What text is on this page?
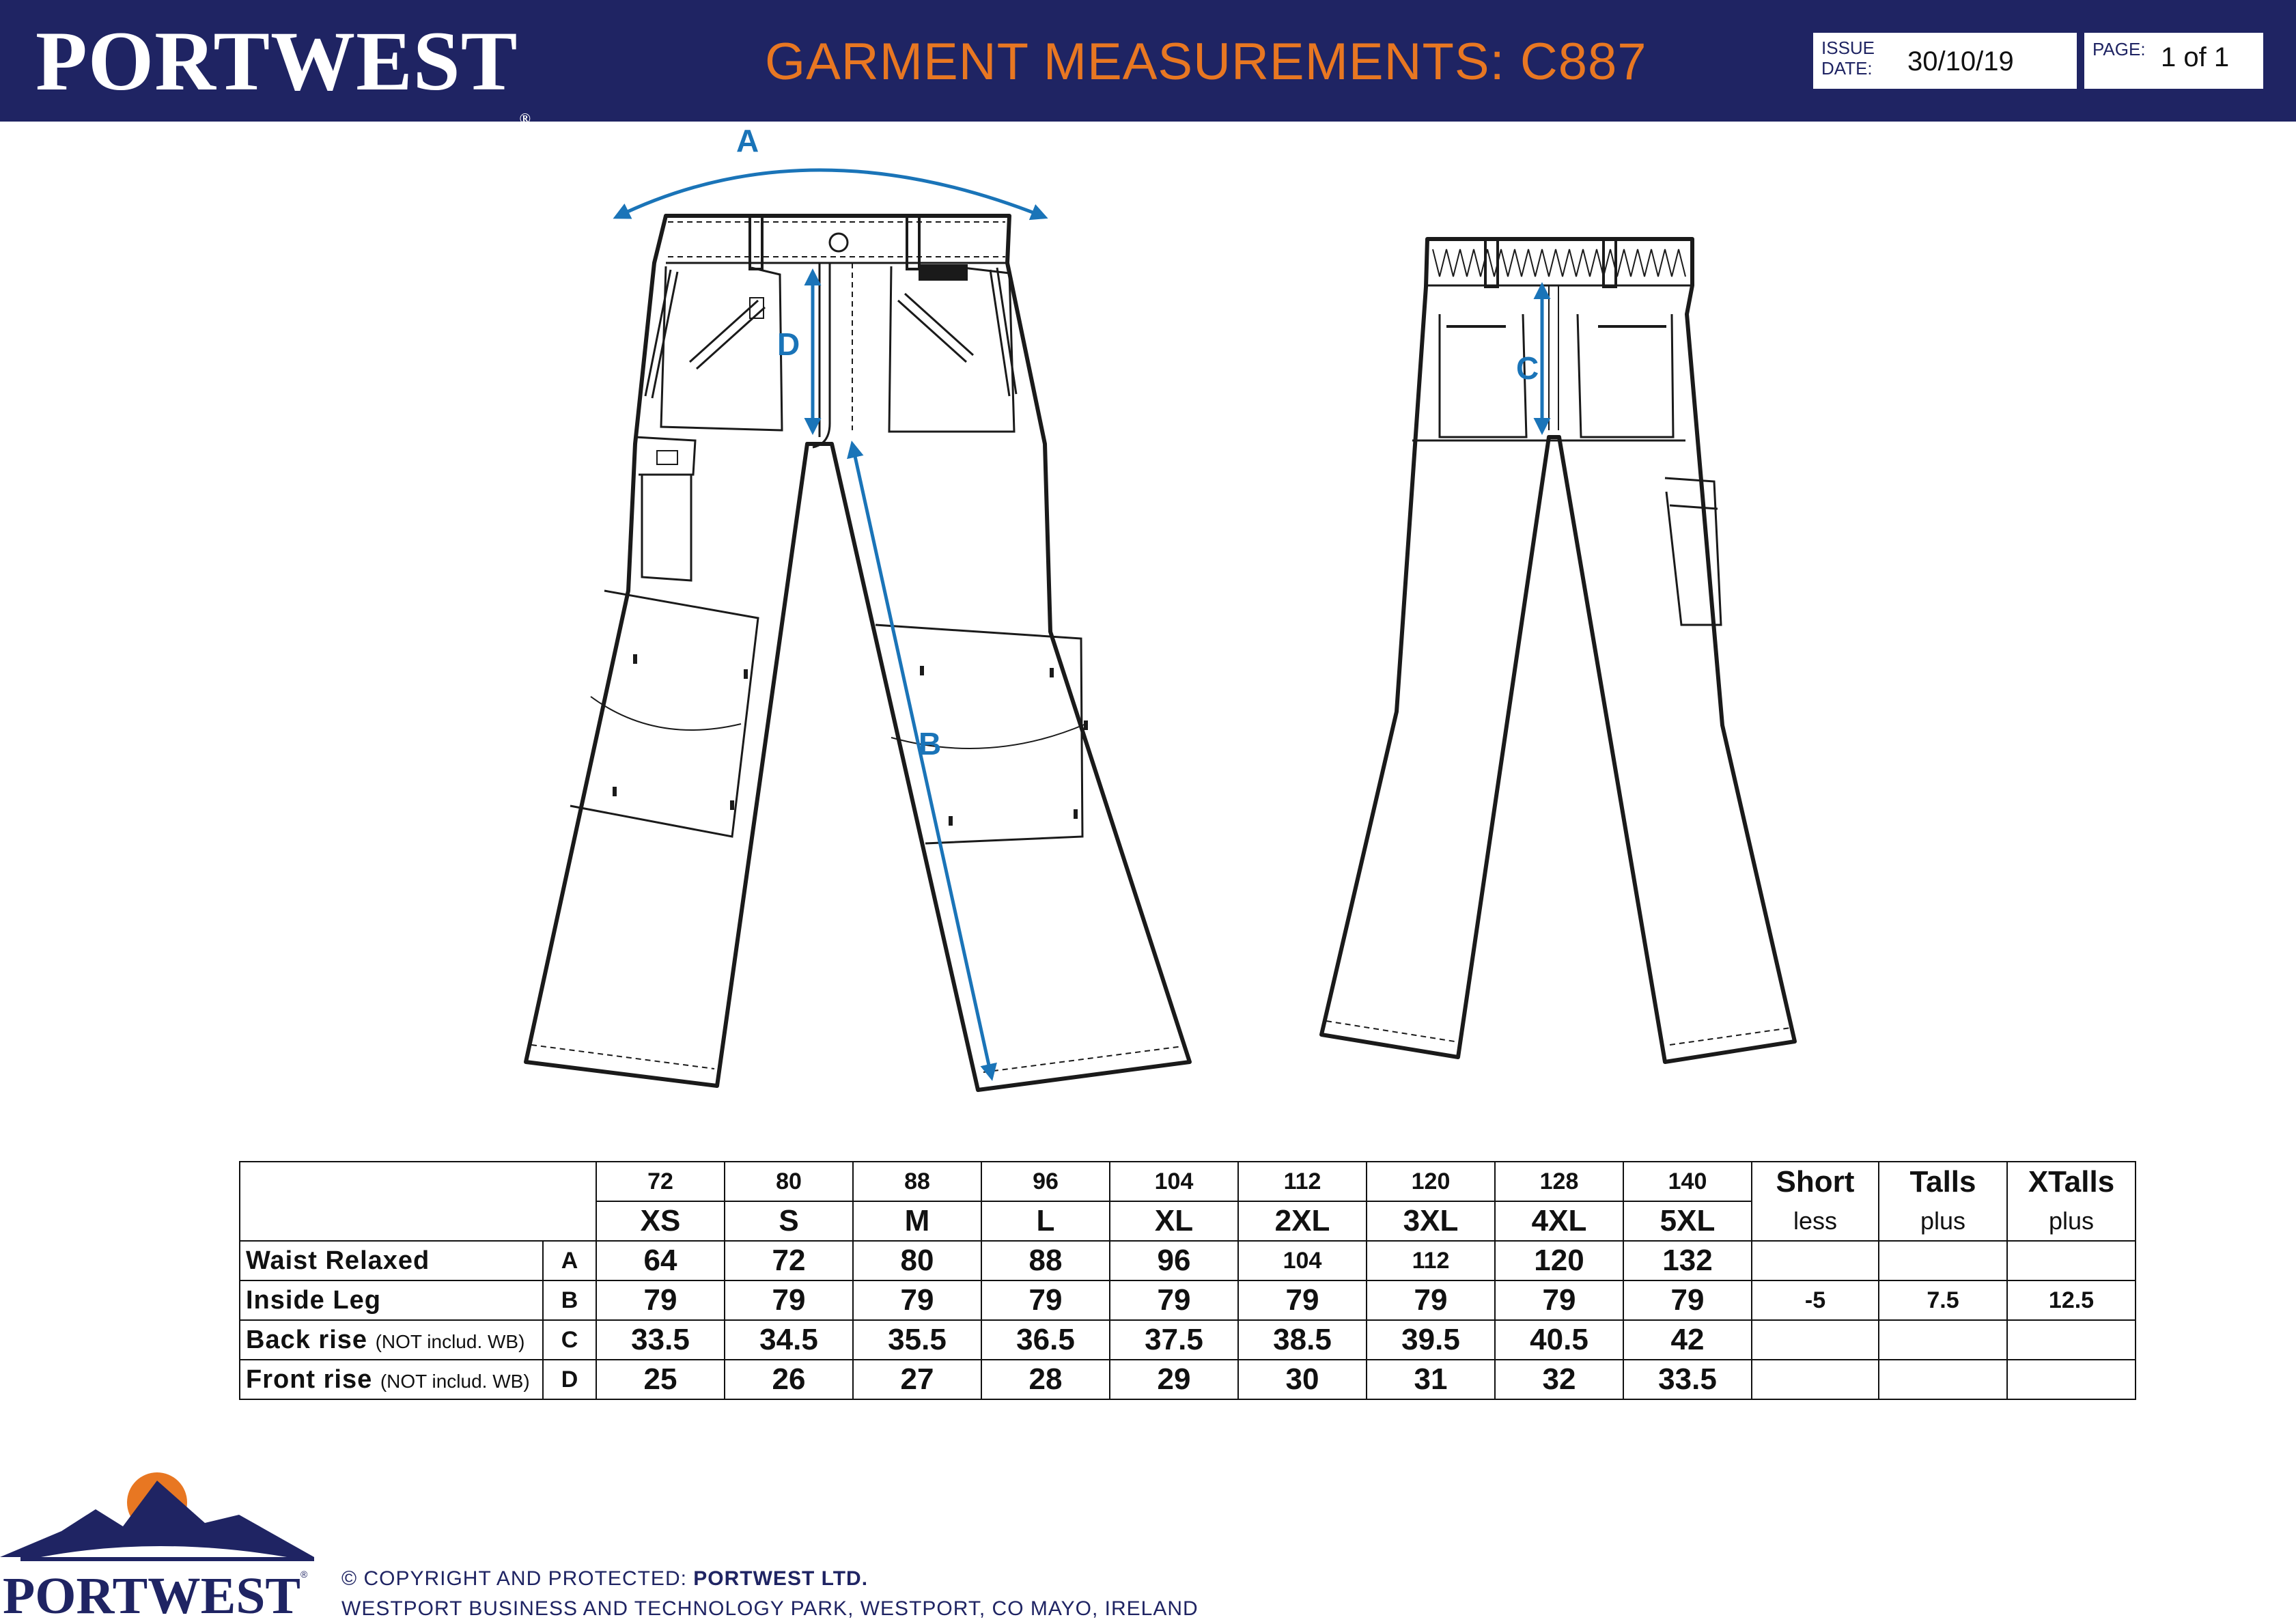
PORTWEST®
GARMENT MEASUREMENTS: C887	ISSUE
DATE: 30/10/19	PAGE: 1 of 1
A
D
B
C
		72	80	88	96	104	112	120	128	140	Short	Talls	XTalls
		XS	S	M	L	XL	2XL	3XL	4XL	5XL	less	plus	plus
Waist Relaxed	A	64	72	80	88	96	104	112	120	132			
Inside Leg	B	79	79	79	79	79	79	79	79	79	-5	7.5	12.5
Back rise (NOT includ. WB)	C	33.5	34.5	35.5	36.5	37.5	38.5	39.5	40.5	42			
Front rise (NOT includ. WB)	D	25	26	27	28	29	30	31	32	33.5			
PORTWEST ® © COPYRIGHT AND PROTECTED: PORTWEST LTD.
WESTPORT BUSINESS AND TECHNOLOGY PARK, WESTPORT, CO MAYO, IRELAND
